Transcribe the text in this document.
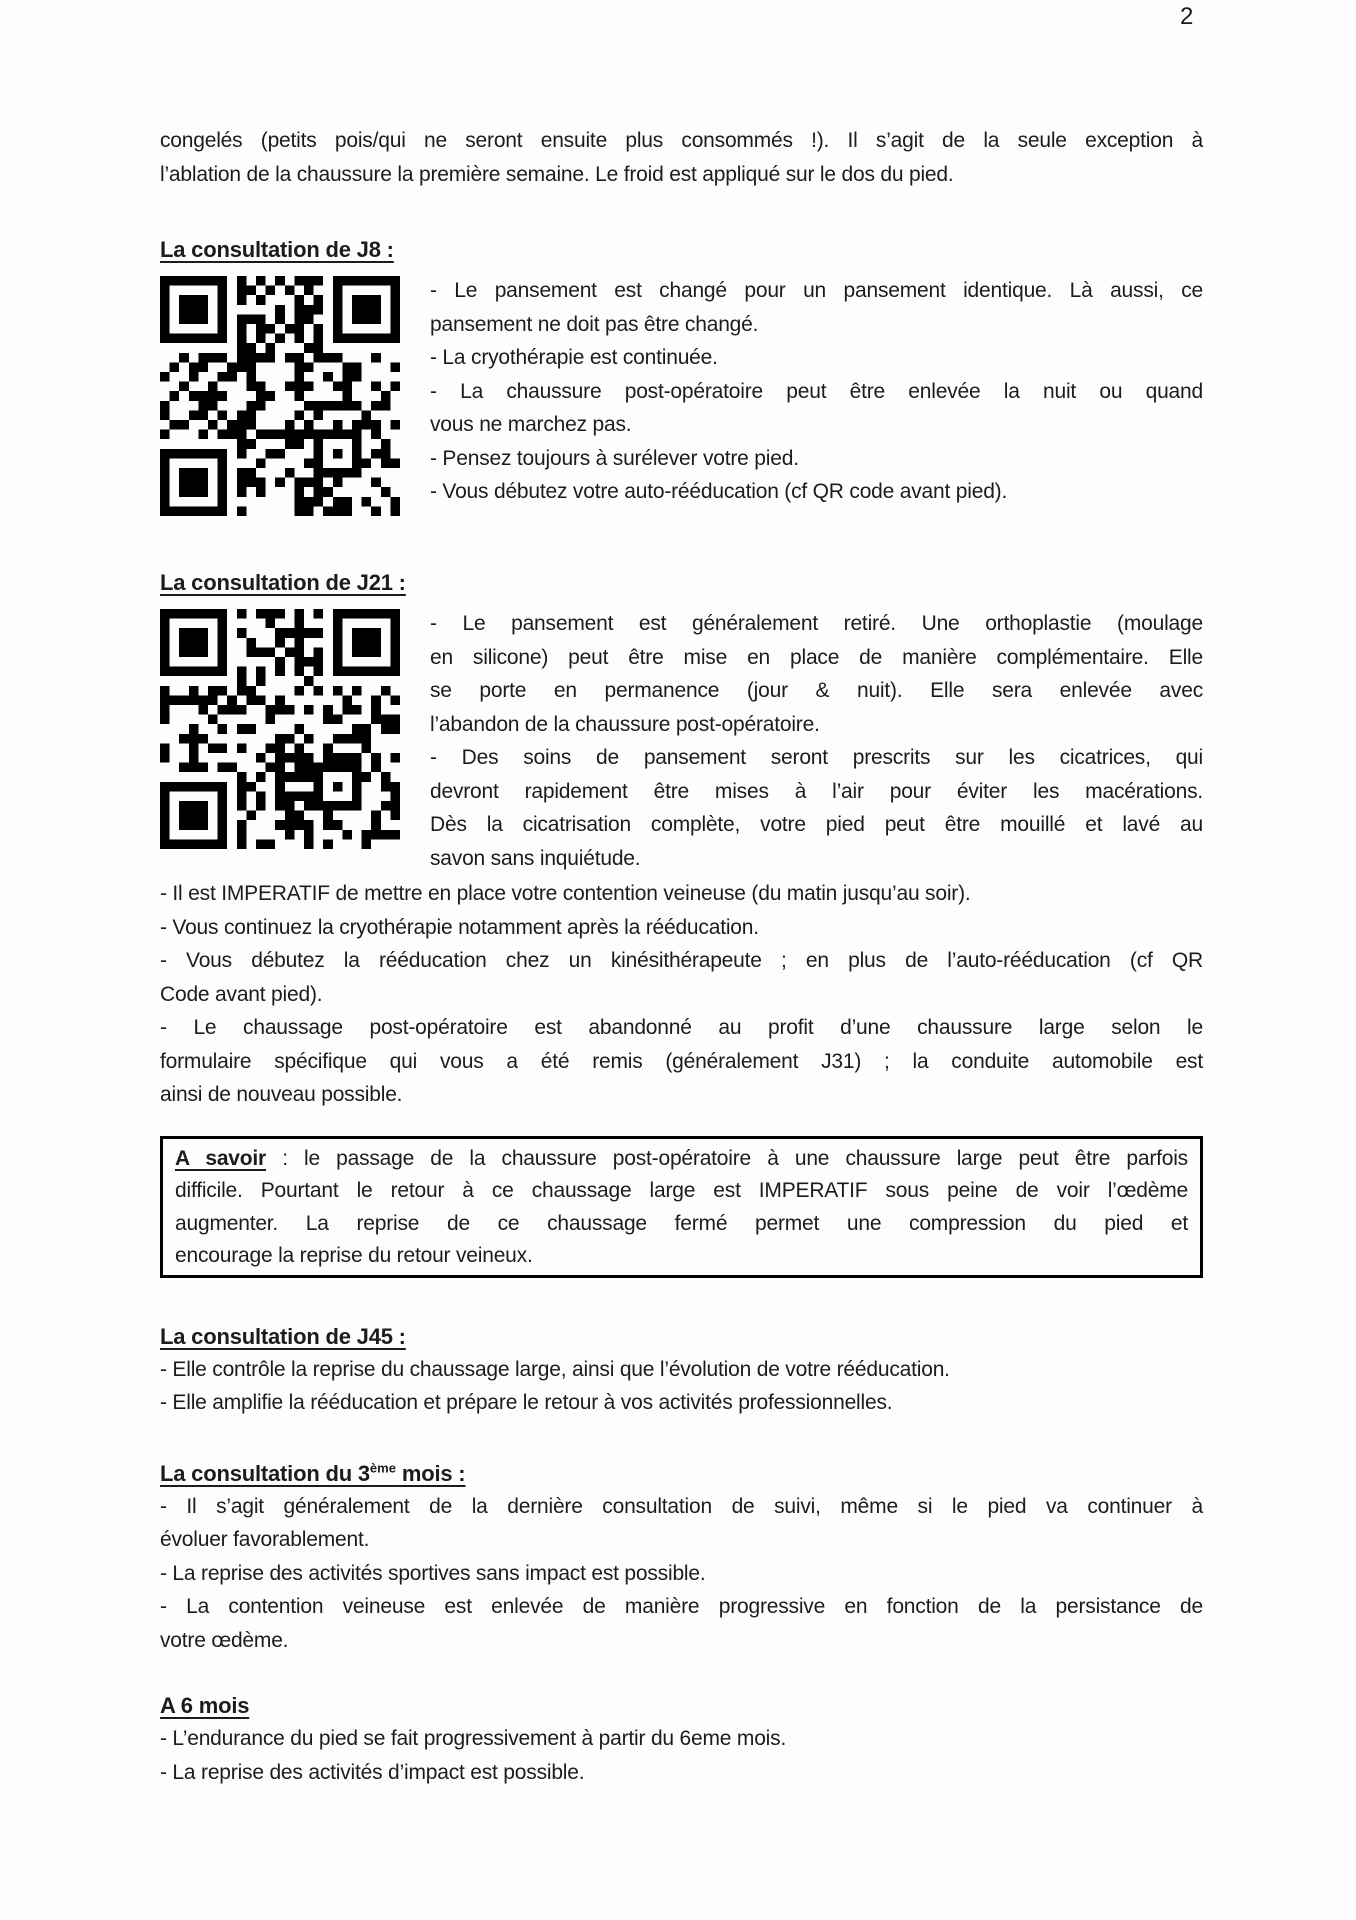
2
congelés (petits pois/qui ne seront ensuite plus consommés !). Il s’agit de la seule exception à
l’ablation de la chaussure la première semaine. Le froid est appliqué sur le dos du pied.
La consultation de J8 :
- Le pansement est changé pour un pansement identique. Là aussi, ce
pansement ne doit pas être changé.
- La cryothérapie est continuée.
- La chaussure post-opératoire peut être enlevée la nuit ou quand
vous ne marchez pas.
- Pensez toujours à surélever votre pied.
- Vous débutez votre auto-rééducation (cf QR code avant pied).
La consultation de J21 :
- Le pansement est généralement retiré. Une orthoplastie (moulage
en silicone) peut être mise en place de manière complémentaire. Elle
se porte en permanence (jour & nuit). Elle sera enlevée avec
l’abandon de la chaussure post-opératoire.
- Des soins de pansement seront prescrits sur les cicatrices, qui
devront rapidement être mises à l’air pour éviter les macérations.
Dès la cicatrisation complète, votre pied peut être mouillé et lavé au
savon sans inquiétude.
- Il est IMPERATIF de mettre en place votre contention veineuse (du matin jusqu’au soir).
- Vous continuez la cryothérapie notamment après la rééducation.
- Vous débutez la rééducation chez un kinésithérapeute ; en plus de l’auto-rééducation (cf QR
Code avant pied).
- Le chaussage post-opératoire est abandonné au profit d’une chaussure large selon le
formulaire spécifique qui vous a été remis (généralement J31) ; la conduite automobile est
ainsi de nouveau possible.
A savoir : le passage de la chaussure post-opératoire à une chaussure large peut être parfois
difficile. Pourtant le retour à ce chaussage large est IMPERATIF sous peine de voir l’œdème
augmenter. La reprise de ce chaussage fermé permet une compression du pied et
encourage la reprise du retour veineux.
La consultation de J45 :
- Elle contrôle la reprise du chaussage large, ainsi que l’évolution de votre rééducation.
- Elle amplifie la rééducation et prépare le retour à vos activités professionnelles.
La consultation du 3ème mois :
- Il s’agit généralement de la dernière consultation de suivi, même si le pied va continuer à
évoluer favorablement.
- La reprise des activités sportives sans impact est possible.
- La contention veineuse est enlevée de manière progressive en fonction de la persistance de
votre œdème.
A 6 mois
- L’endurance du pied se fait progressivement à partir du 6eme mois.
- La reprise des activités d’impact est possible.
